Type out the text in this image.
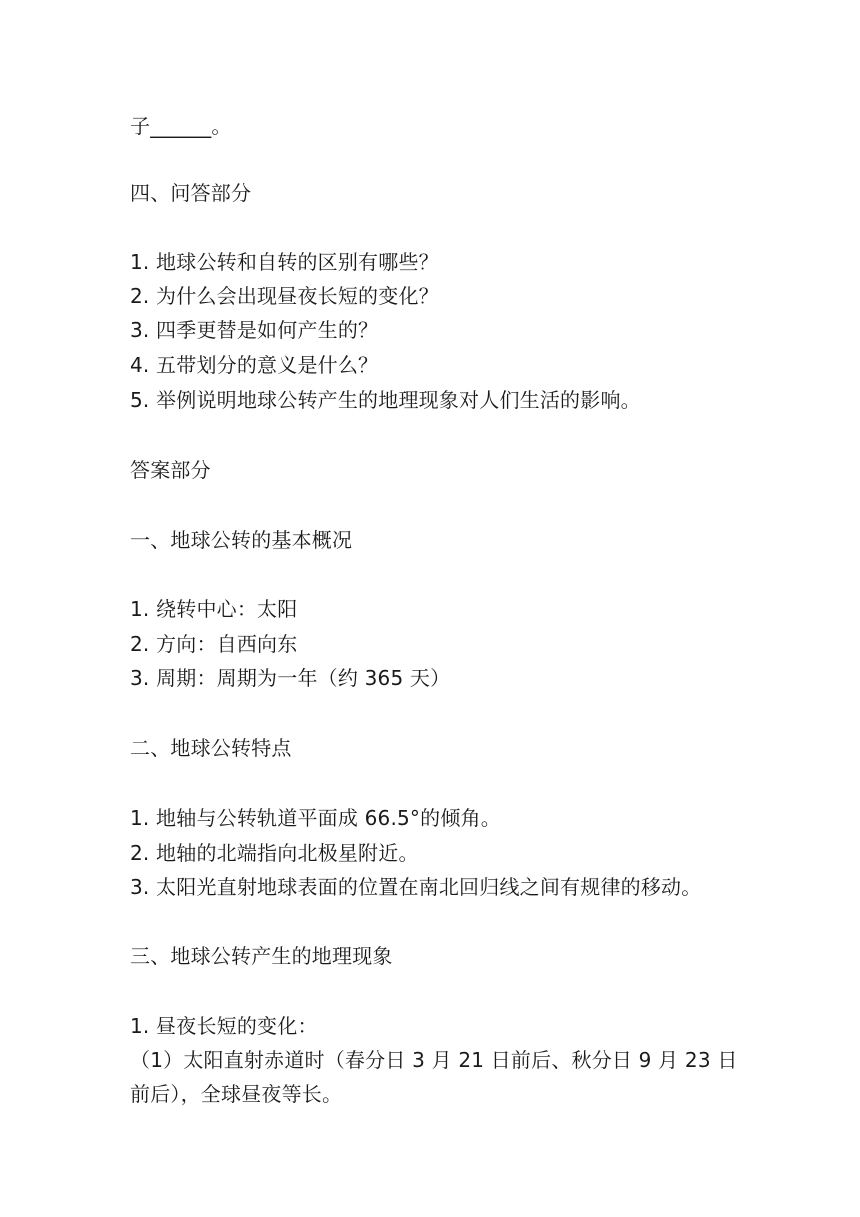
子______。
四、问答部分
1. 地球公转和自转的区别有哪些？
2. 为什么会出现昼夜长短的变化？
3. 四季更替是如何产生的？
4. 五带划分的意义是什么？
5. 举例说明地球公转产生的地理现象对人们生活的影响。
答案部分
一、地球公转的基本概况
1. 绕转中心：太阳
2. 方向：自西向东
3. 周期：周期为一年（约 365 天）
二、地球公转特点
1. 地轴与公转轨道平面成 66.5°的倾角。
2. 地轴的北端指向北极星附近。
3. 太阳光直射地球表面的位置在南北回归线之间有规律的移动。
三、地球公转产生的地理现象
1. 昼夜长短的变化：
（1）太阳直射赤道时（春分日 3 月 21 日前后、秋分日 9 月 23 日前后），全球昼夜等长。
